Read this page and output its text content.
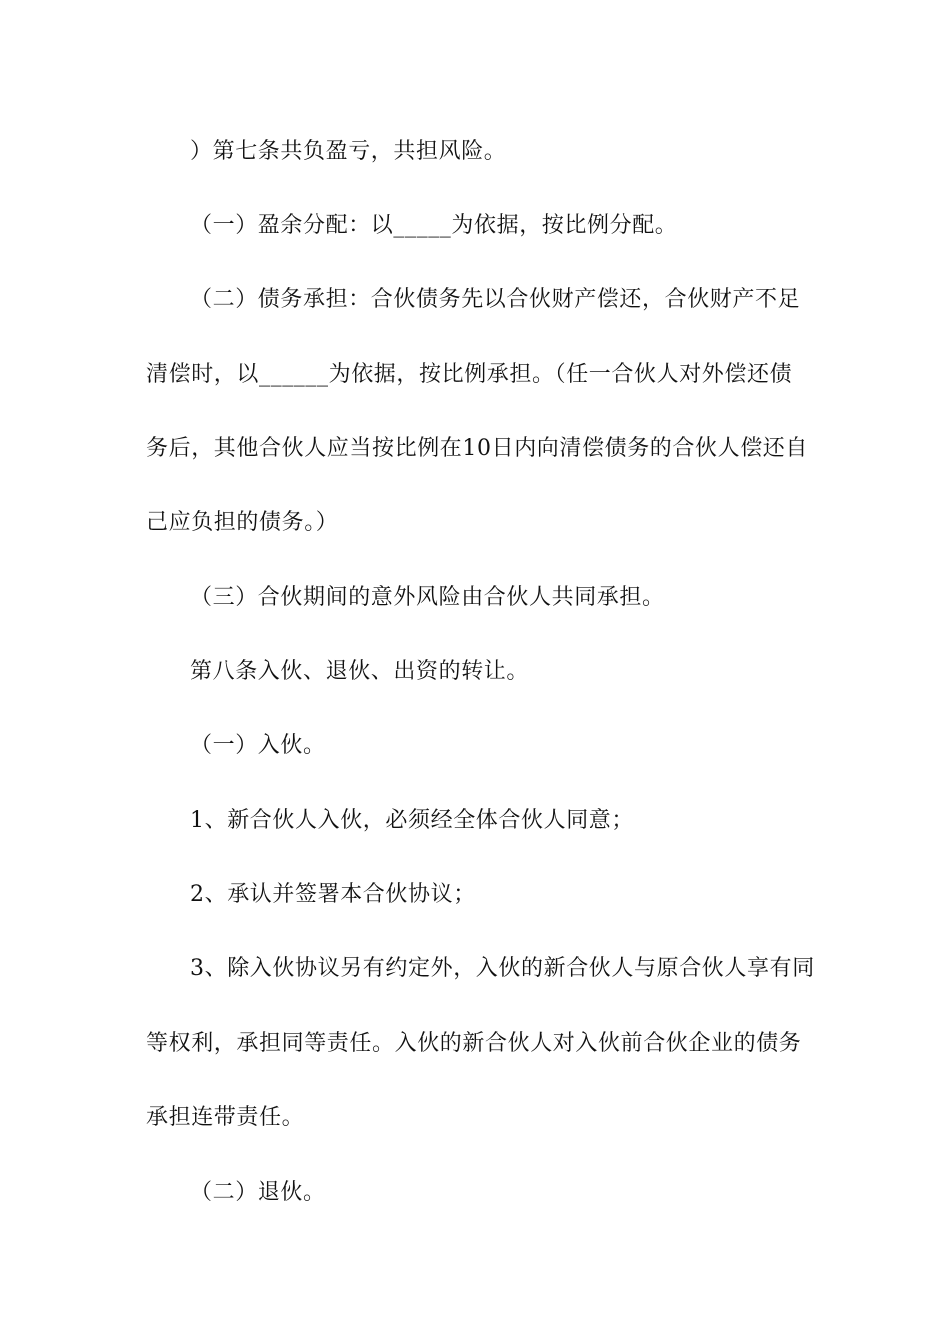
）第七条共负盈亏，共担风险。
（一）盈余分配：以_____为依据，按比例分配。
（二）债务承担：合伙债务先以合伙财产偿还，合伙财产不足
清偿时，以______为依据，按比例承担。（任一合伙人对外偿还债
务后，其他合伙人应当按比例在10日内向清偿债务的合伙人偿还自
己应负担的债务。）
（三）合伙期间的意外风险由合伙人共同承担。
第八条入伙、退伙、出资的转让。
（一）入伙。
1、新合伙人入伙，必须经全体合伙人同意；
2、承认并签署本合伙协议；
3、除入伙协议另有约定外，入伙的新合伙人与原合伙人享有同
等权利，承担同等责任。入伙的新合伙人对入伙前合伙企业的债务
承担连带责任。
（二）退伙。
